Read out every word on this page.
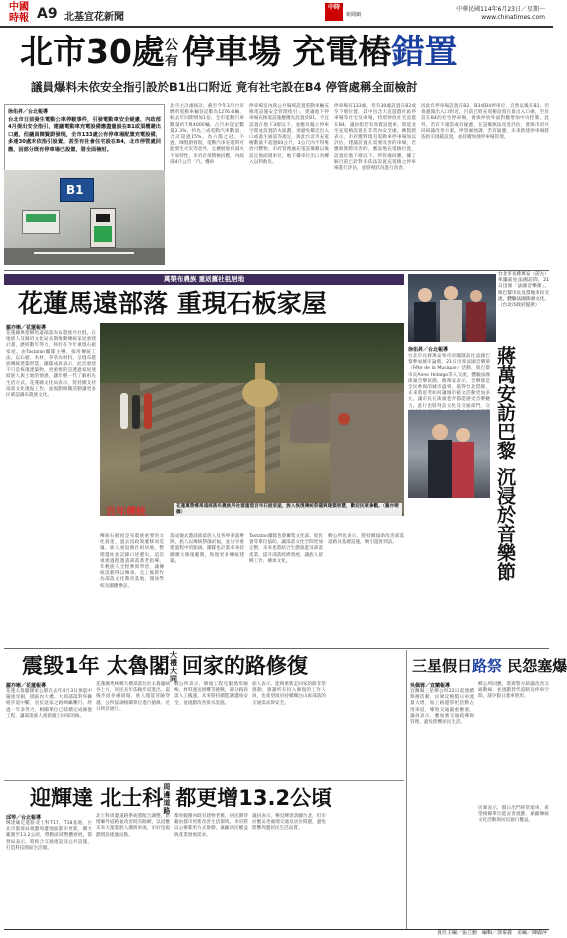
中國
時報 A9 北基宜花新聞
中時
新聞網
中華民國114年6月23日／星期一
www.chinatimes.com
北市30處公有 停車場 充電樁錯置
議員爆料未依安全指引設於B1出口附近 竟有社宅設在B4 停管處稱全面檢討
徐佑昇／台北報導
台北市日前發生電動公車停駛事件，引發電動車安全疑慮，內政部4月提出安全指引，建議電動車充電設備應盡量設在B1或頂樓避出口處，但議員陳賢蔚發現，全市133處公有停車場配置充電設備，多達30處未依指引設置，甚至有社會住宅設在B4，北市停管處回應，因部分既有停車場已設置，將全面檢討。
北市主計處統計，截至今年3月台市燃料電動車輛登記數為1276.6輛，較去年同期增加1倍，全市電動汽車數量約7萬4000輛，占汽車登記數量2.3%，約為三成電動汽車數量，合計超過15%，為六都之冠。不過，陳賢蔚發現，電動汽車充電時可能發生火災等意外，且擴展地有減火不易特性，市府必須積極因應，內政部4月公告「汽、機車
停車場室內與公共場域設置電動車輛充換電設施安全管理指引」，建議地下停車場充換電設施應優先設置於B1，不宜設置在地下3層以下，並應為獨立停車空間並設置防火區劃，須避免鄰近出入口或逃生通道等規定，與此台北市充電樁數量不超過60公尺，3公尺內不得堆放可燃物。市府管理處充電設備數以後設定地面層車位，地下樓車位出口為轉入以利救災。
停車場有133處，但有30處設置在B2或至下層位置，其中包含大直遊戲社區停車場等社宅及車場，特別停放社宅設置在B4，議員指若有真實設置車，將延北宅充電樁設置在非常內安全處。陳賢蔚表示，市府應對現有電動車停車場加以評估，建議設置在需要改善的車場，若應與實際改善的，應設地充電樁位置，設置於地下層以下。停管處回應，據了解目前已針對未依法設置充電樁之停車場進行評估，並將視狀況進行改善。
因此有停車場設置在B2、B3或B4停車位，自然以後在B1，但會避開出入口附近，目前已將充電樁設置在靠出入口處，至於設在B4的社宅停車場，會與停放外面對應增加中央控制，此外，若有不適當或有疑慮，在設備無法改善評估，會與市府共同研議改善方案。停管處強調，若有疑慮，未來新建停車場將依指引規範設置，並持續加強停車場管理。
B1
萬榮布農族 重返舊社祖居地
花蓮馬遠部落 重現石板家屋
羅亦晰／花蓮報導
花蓮縣萬榮鄉馬遠部落為布農族丹社群，在地族人及縣府文化局長期推動傳統家屋重建計畫，歷經數年努力，終於在今年重現石板家屋。由Tastalan團隊主導，採用傳統工法，以石板、木材、茅草為材料，呈現布農族傳統建築智慧。團隊成員表示，此次重建不只是恢復建築物，更重要的是透過家屋連結族人與土地的情感，讓年輕一代了解祖先生活方式。花蓮縣文化局表示，將持續支持部落文化復振工作，並規劃相關活動讓更多民眾認識布農族文化。
百年傳統
花蓮萬榮鄉馬遠部落布農族丹社群重現百年石板家屋，族人恢復傳統祭儀與建築智慧，歡迎民眾參觀。（羅亦晰攝）
傳統石板屋是布農族重要的文化資產，過去因政策遷移而荒廢。族人重返舊社祖居地，整理遺址並記錄口述歷史。這次重建過程邀請部落耆老指導，年輕族人全程參與學習，讓傳統技藝得以傳承。完工後將作為部落文化教育基地，開放學校及團體參訪。
落成儀式邀請部落族人及各界來賓參與，族人以傳統祭儀祈福，並分享重建過程中的點滴。團隊也計畫未來持續擴大修復範圍，恢復更多傳統建築。
Tastalan團隊也會籌集文化部、原民會等單位協助，讓部落文化空間更加完整，未來也將結合生態旅遊及部落產業，提升部落經濟發展，讓族人留鄉工作、傳承文化。
鄉公所也表示，將持續協助改善部落道路及基礎設施，吸引遊客到訪。
台北市長蔣萬安（前左）率團前往法國訪問，21日出席「法國音樂節」，與巴黎市長及當地市民交流，體驗法國街頭文化。（台北市政府提供）
蔣萬安訪巴黎 沉浸於音樂節
徐佑昇／台北報導
台北市長蔣萬安率市府團隊前往法國巴黎參加城市論壇，21日出席法國音樂節（Fête de la Musique）活動，與巴黎市長Anne Hidalgo等人交流，體驗法國街頭音樂氛圍。蔣萬安表示，音樂節是全民參與的城市盛事，值得台北借鏡，未來將思考如何讓城市藝文活動更加多元，讓市民在街頭巷弄都能感受音樂魅力。此行也將拜訪文化及交通部門，交
震毀1年 太魯閣大禮大同回家的路修復
羅亦晰／花蓮報導
花蓮太魯閣國家公園在去年4月3日強震中嚴重受損，園區內大禮、大同部落對外聯絡步道中斷，居民返家之路崎嶇難行。經過一年多努力，相關單位已陸續完成修復工程，讓部落族人重新踏上回家的路。
花蓮縣秀林鄉大禮部落位於太魯閣峽谷上方，居民長年依賴步道進出。震後步道多處崩塌，族人僅能冒險穿越，公所協調相關單位進行搶修，近日終於通行。
鄉公所表示，修復工程克服地形險峻、材料運送困難等挑戰，部分路段需人工搬運。未來將持續監測邊坡安全，並規劃改善排水設施。
族人表示，能夠重新走回家的路非常感動，感謝所有投入修復的工作人員，也希望政府持續關注山區部落的交通需求與安全。
迎輝達 北士科周邊道路都更增13.2公頃
邱琴／台北報導
輝達確定進駐北士科T17、T18基地，台北市都發局規劃周邊地區都市更新，擴大範圍至13.2公頃，帶動區域整體發展。都發局表示，將結合交通建設及公共設施，打造科技園區生活圈。
北士科周邊道路系統將配合調整，新增聯外道路並改善既有路網，以因應未來大量進駐人潮與車流，市府也規劃增設捷運站點。
都更範圍內既有建物老舊，居民期待藉由都市更新改善生活環境，市府將以公辦都更方式推動，兼顧居民權益與產業發展需求。
議員表示，樂見輝達落腳台北，但市府應妥善處理交通及居住問題，避免影響周邊居民生活品質。
三星假日路祭 民怨塞爆
吳佩蓉／宜蘭報導
宜蘭縣三星鄉公所22日起連續舉辦活動，民眾反映假日車流量大增，加上路邊祭祀活動占用車道，導致交通嚴重壅塞。議員表示，應加強交通疏導與管理，避免影響居民生活。
鄉公所回應，將與警方研議改善交通動線，並規劃替代道路及停車空間，減少假日塞車情形。
民眾表示，假日出門經常塞車，希望相關單位能妥善規劃，兼顧傳統文化活動與居民通行權益。
責任主編／張立勳　編輯／郭秦義　美編／陳麗萍
